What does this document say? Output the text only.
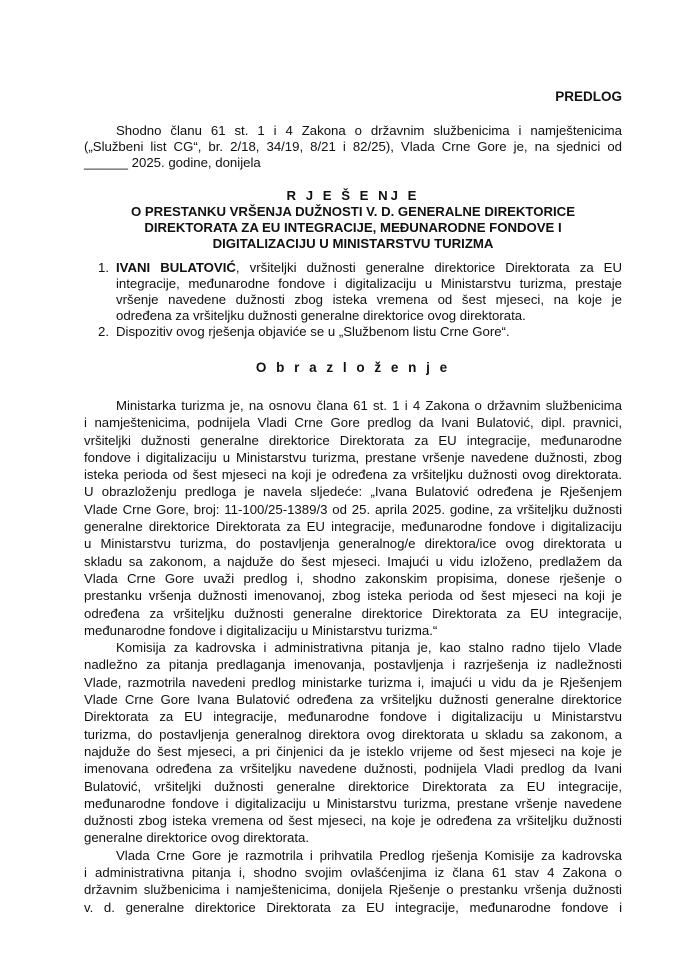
PREDLOG
Shodno članu 61 st. 1 i 4 Zakona o državnim službenicima i namještenicima
(„Službeni list CG“, br. 2/18, 34/19, 8/21 i 82/25), Vlada Crne Gore je, na sjednici od
______ 2025. godine, donijela
R J E Š E NJ E
O PRESTANKU VRŠENJA DUŽNOSTI V. D. GENERALNE DIREKTORICE
DIREKTORATA ZA EU INTEGRACIJE, MEĐUNARODNE FONDOVE I
DIGITALIZACIJU U MINISTARSTVU TURIZMA
1. IVANI BULATOVIĆ, vršiteljki dužnosti generalne direktorice Direktorata za EU
integracije, međunarodne fondove i digitalizaciju u Ministarstvu turizma, prestaje
vršenje navedene dužnosti zbog isteka vremena od šest mjeseci, na koje je
određena za vršiteljku dužnosti generalne direktorice ovog direktorata.
2. Dispozitiv ovog rješenja objaviće se u „Službenom listu Crne Gore“.
O b r a z l o ž e n j e
Ministarka turizma je, na osnovu člana 61 st. 1 i 4 Zakona o državnim službenicima
i namještenicima, podnijela Vladi Crne Gore predlog da Ivani Bulatović, dipl. pravnici,
vršiteljki dužnosti generalne direktorice Direktorata za EU integracije, međunarodne
fondove i digitalizaciju u Ministarstvu turizma, prestane vršenje navedene dužnosti, zbog
isteka perioda od šest mjeseci na koji je određena za vršiteljku dužnosti ovog direktorata.
U obrazloženju predloga je navela sljedeće: „Ivana Bulatović određena je Rješenjem
Vlade Crne Gore, broj: 11-100/25-1389/3 od 25. aprila 2025. godine, za vršiteljku dužnosti
generalne direktorice Direktorata za EU integracije, međunarodne fondove i digitalizaciju
u Ministarstvu turizma, do postavljenja generalnog/e direktora/ice ovog direktorata u
skladu sa zakonom, a najduže do šest mjeseci. Imajući u vidu izloženo, predlažem da
Vlada Crne Gore uvaži predlog i, shodno zakonskim propisima, donese rješenje o
prestanku vršenja dužnosti imenovanoj, zbog isteka perioda od šest mjeseci na koji je
određena za vršiteljku dužnosti generalne direktorice Direktorata za EU integracije,
međunarodne fondove i digitalizaciju u Ministarstvu turizma.“
Komisija za kadrovska i administrativna pitanja je, kao stalno radno tijelo Vlade
nadležno za pitanja predlaganja imenovanja, postavljenja i razrješenja iz nadležnosti
Vlade, razmotrila navedeni predlog ministarke turizma i, imajući u vidu da je Rješenjem
Vlade Crne Gore Ivana Bulatović određena za vršiteljku dužnosti generalne direktorice
Direktorata za EU integracije, međunarodne fondove i digitalizaciju u Ministarstvu
turizma, do postavljenja generalnog direktora ovog direktorata u skladu sa zakonom, a
najduže do šest mjeseci, a pri činjenici da je isteklo vrijeme od šest mjeseci na koje je
imenovana određena za vršiteljku navedene dužnosti, podnijela Vladi predlog da Ivani
Bulatović, vršiteljki dužnosti generalne direktorice Direktorata za EU integracije,
međunarodne fondove i digitalizaciju u Ministarstvu turizma, prestane vršenje navedene
dužnosti zbog isteka vremena od šest mjeseci, na koje je određena za vršiteljku dužnosti
generalne direktorice ovog direktorata.
Vlada Crne Gore je razmotrila i prihvatila Predlog rješenja Komisije za kadrovska
i administrativna pitanja i, shodno svojim ovlašćenjima iz člana 61 stav 4 Zakona o
državnim službenicima i namještenicima, donijela Rješenje o prestanku vršenja dužnosti
v. d. generalne direktorice Direktorata za EU integracije, međunarodne fondove i
